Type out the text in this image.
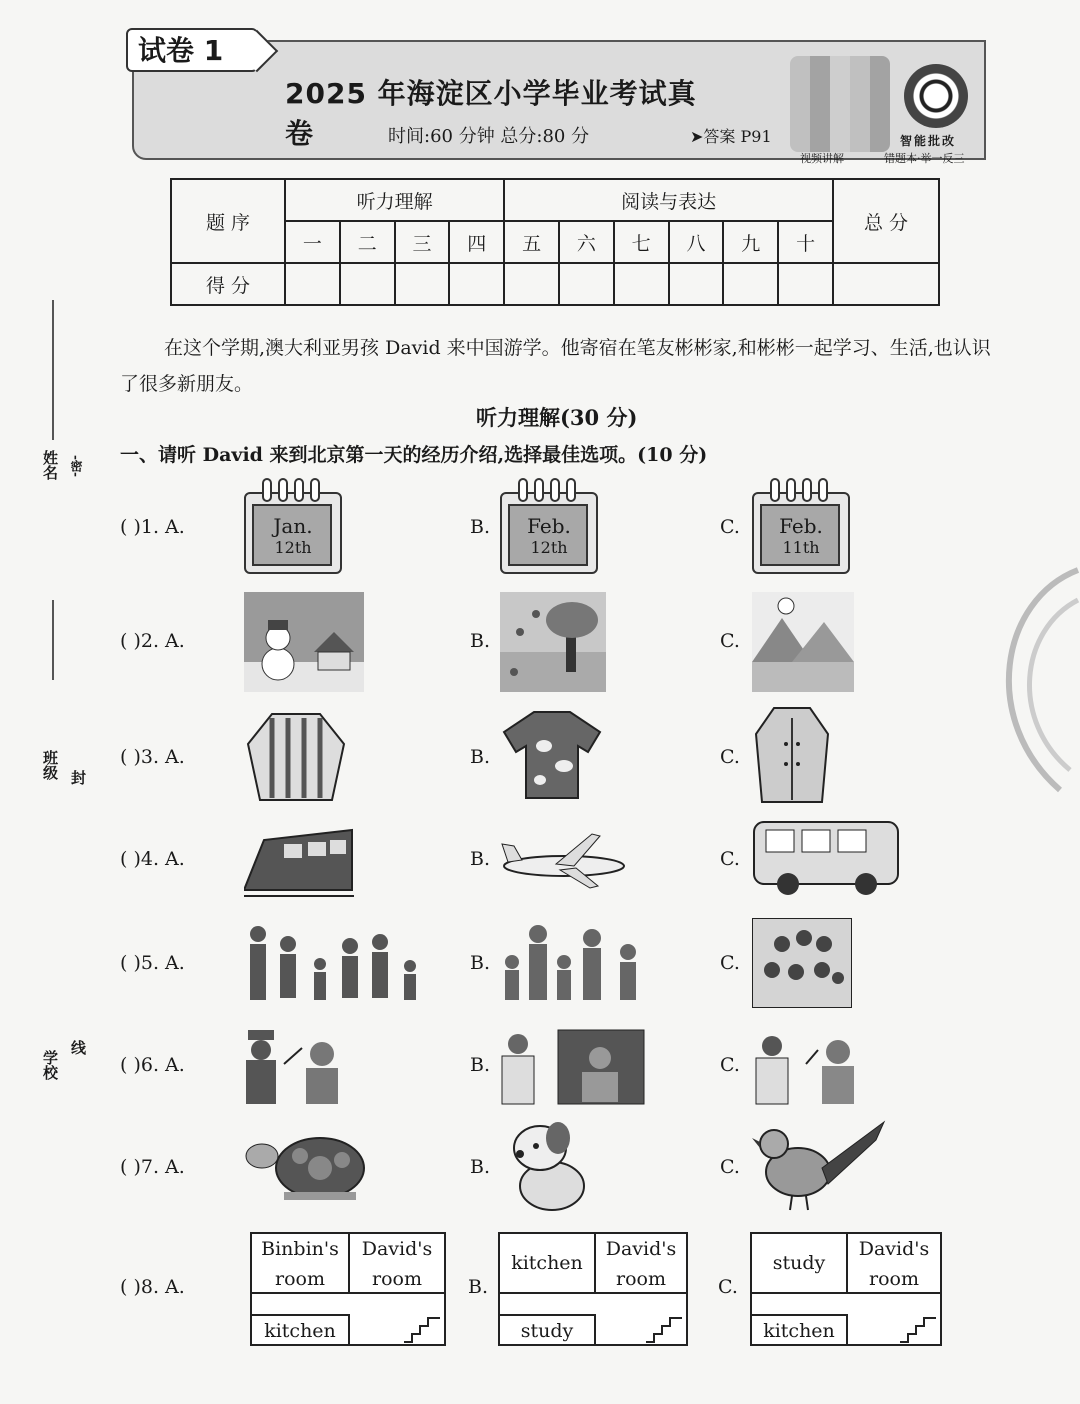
姓名 -密-
班级 封
学校
线
试卷 1
2025 年海淀区小学毕业考试真卷	时间:60 分钟 总分:80 分	➤答案 P91	智能批改
错题本·举一反三
视频讲解
题 序	听力理解				阅读与表达						总 分
	一	二	三	四	五	六	七	八	九	十	
得 分											
在这个学期,澳大利亚男孩 David 来中国游学。他寄宿在笔友彬彬家,和彬彬一起学习、生活,也认识了很多新朋友。
听力理解(30 分)
一、请听 David 来到北京第一天的经历介绍,选择最佳选项。(10 分)
( )1. A.
( )2. A.
( )3. A.
( )4. A.
( )5. A.
( )6. A.
( )7. A.
( )8. A.
B.	C.
B.	C.
B.	C.
B.	C.
B.	C.
B.	C.
B.	C.
B.	C.
Jan.
12th
Feb.
12th
Feb.
11th
Binbin's
room
David's
room
kitchen
kitchen
David's
room
study
study
David's
room
kitchen
